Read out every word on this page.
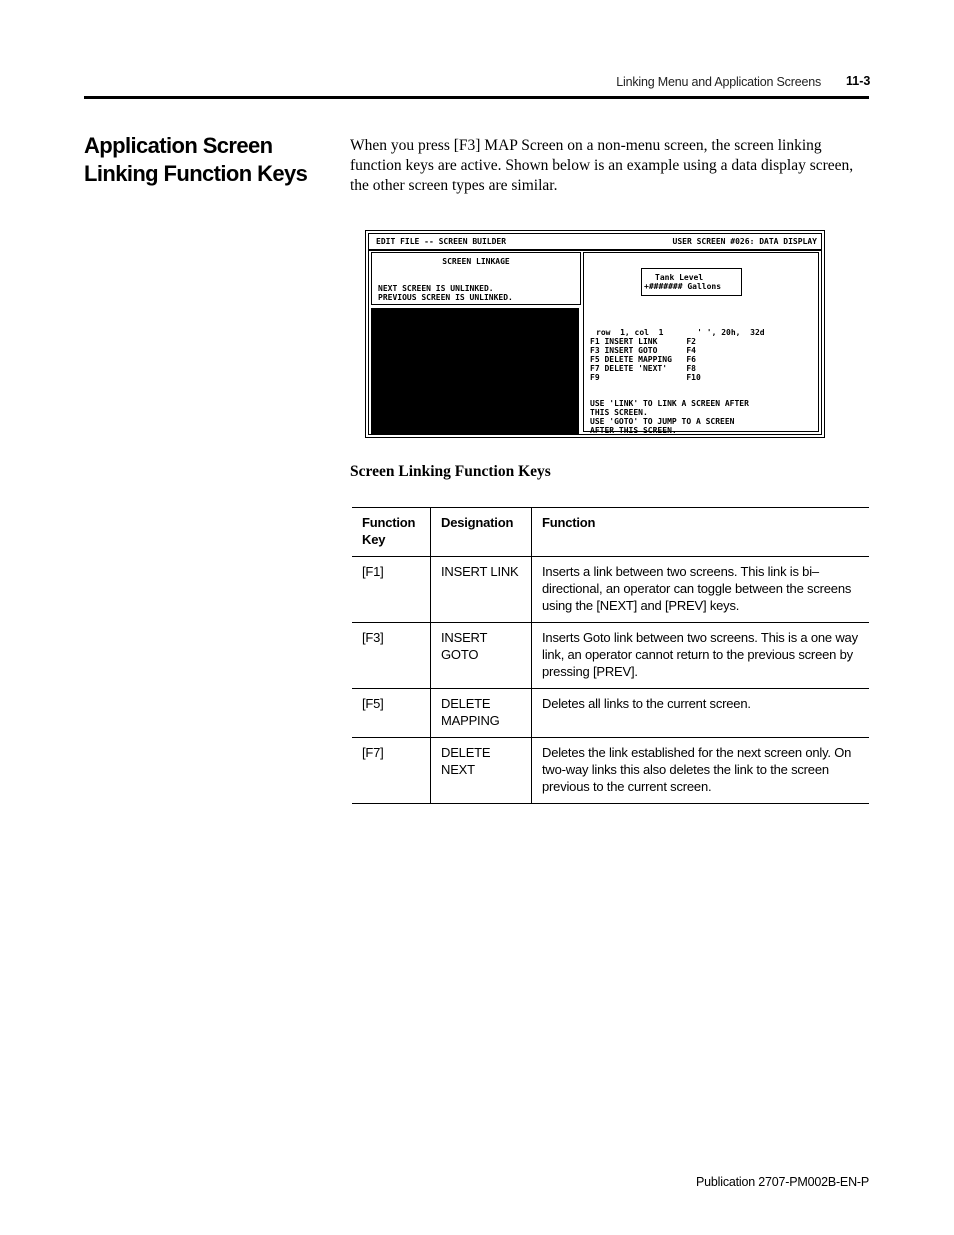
Linking Menu and Application Screens 11-3
Application Screen Linking Function Keys

When you press [F3] MAP Screen on a non-menu screen, the screen linking function keys are active. Shown below is an example using a data display screen, the other screen types are similar.

EDIT FILE -- SCREEN BUILDER	USER SCREEN #026: DATA DISPLAY
SCREEN LINKAGE
NEXT SCREEN IS UNLINKED.
PREVIOUS SCREEN IS UNLINKED.
Tank Level
+####### Gallons
row  1, col  1       ' ', 20h,  32d
F1 INSERT LINK      F2
F3 INSERT GOTO      F4
F5 DELETE MAPPING   F6
F7 DELETE 'NEXT'    F8
F9                  F10
USE 'LINK' TO LINK A SCREEN AFTER
THIS SCREEN.
USE 'GOTO' TO JUMP TO A SCREEN
AFTER THIS SCREEN.
Screen Linking Function Keys
Function Key	Designation	Function
[F1]	INSERT LINK	Inserts a link between two screens. This link is bi–directional, an operator can toggle between the screens using the [NEXT] and [PREV] keys.
[F3]	INSERT GOTO	Inserts Goto link between two screens. This is a one way link, an operator cannot return to the previous screen by pressing [PREV].
[F5]	DELETE MAPPING	Deletes all links to the current screen.
[F7]	DELETE NEXT	Deletes the link established for the next screen only. On two-way links this also deletes the link to the screen previous to the current screen.
Publication 2707-PM002B-EN-P
